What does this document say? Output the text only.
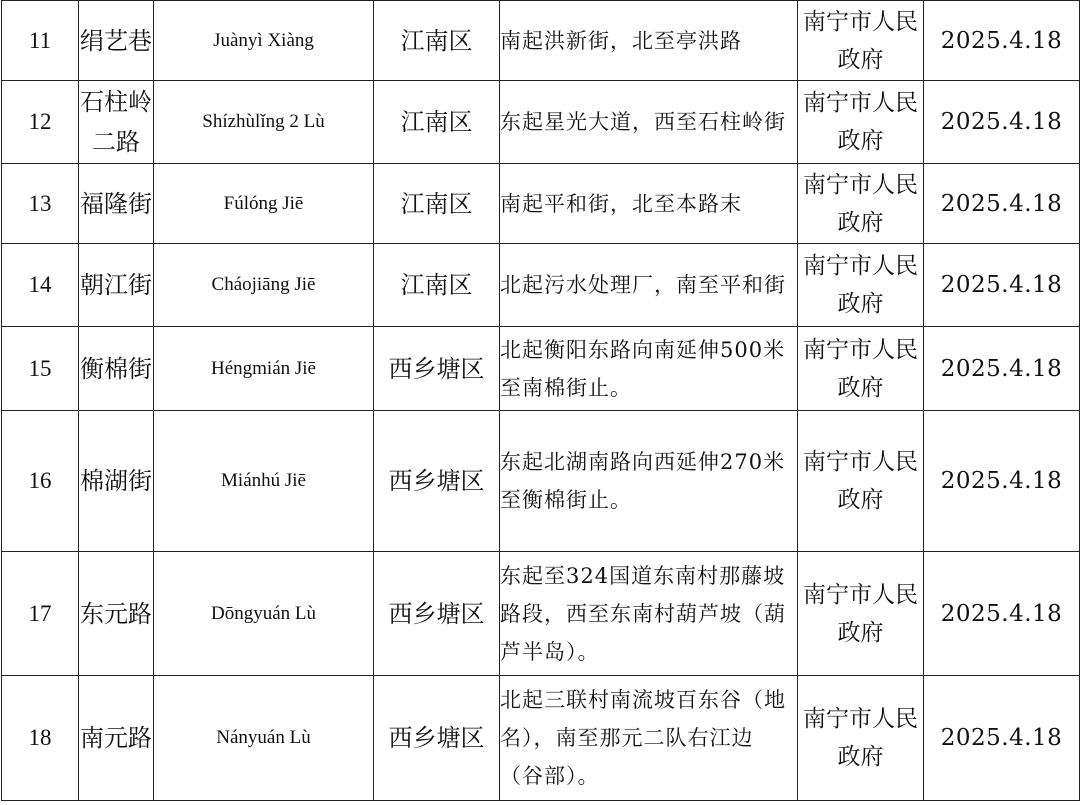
11	绢艺巷	Juànyì Xiàng	江南区	南起洪新街，北至亭洪路	南宁市人民政府	2025.4.18
12	石柱岭二路	Shízhùlǐng 2 Lù	江南区	东起星光大道，西至石柱岭街	南宁市人民政府	2025.4.18
13	福隆街	Fúlóng Jiē	江南区	南起平和街，北至本路末	南宁市人民政府	2025.4.18
14	朝江街	Cháojiāng Jiē	江南区	北起污水处理厂，南至平和街	南宁市人民政府	2025.4.18
15	衡棉街	Héngmián Jiē	西乡塘区	北起衡阳东路向南延伸500米至南棉街止。	南宁市人民政府	2025.4.18
16	棉湖街	Miánhú Jiē	西乡塘区	东起北湖南路向西延伸270米至衡棉街止。	南宁市人民政府	2025.4.18
17	东元路	Dōngyuán Lù	西乡塘区	东起至324国道东南村那藤坡路段，西至东南村葫芦坡（葫芦半岛）。	南宁市人民政府	2025.4.18
18	南元路	Nányuán Lù	西乡塘区	北起三联村南流坡百东谷（地名），南至那元二队右江边（谷部）。	南宁市人民政府	2025.4.18
